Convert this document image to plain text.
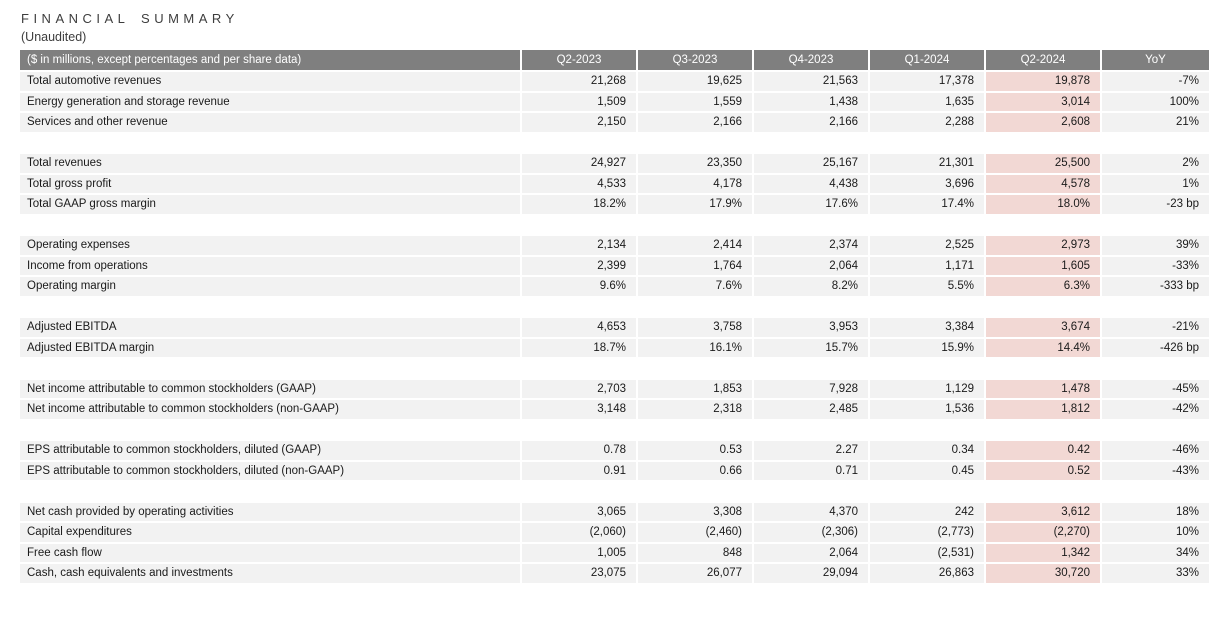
FINANCIAL SUMMARY
(Unaudited)
($ in millions, except percentages and per share data)	Q2-2023	Q3-2023	Q4-2023	Q1-2024	Q2-2024	YoY
Total automotive revenues	21,268	19,625	21,563	17,378	19,878	-7%
Energy generation and storage revenue	1,509	1,559	1,438	1,635	3,014	100%
Services and other revenue	2,150	2,166	2,166	2,288	2,608	21%
Total revenues	24,927	23,350	25,167	21,301	25,500	2%
Total gross profit	4,533	4,178	4,438	3,696	4,578	1%
Total GAAP gross margin	18.2%	17.9%	17.6%	17.4%	18.0%	-23 bp
Operating expenses	2,134	2,414	2,374	2,525	2,973	39%
Income from operations	2,399	1,764	2,064	1,171	1,605	-33%
Operating margin	9.6%	7.6%	8.2%	5.5%	6.3%	-333 bp
Adjusted EBITDA	4,653	3,758	3,953	3,384	3,674	-21%
Adjusted EBITDA margin	18.7%	16.1%	15.7%	15.9%	14.4%	-426 bp
Net income attributable to common stockholders (GAAP)	2,703	1,853	7,928	1,129	1,478	-45%
Net income attributable to common stockholders (non-GAAP)	3,148	2,318	2,485	1,536	1,812	-42%
EPS attributable to common stockholders, diluted (GAAP)	0.78	0.53	2.27	0.34	0.42	-46%
EPS attributable to common stockholders, diluted (non-GAAP)	0.91	0.66	0.71	0.45	0.52	-43%
Net cash provided by operating activities	3,065	3,308	4,370	242	3,612	18%
Capital expenditures	(2,060)	(2,460)	(2,306)	(2,773)	(2,270)	10%
Free cash flow	1,005	848	2,064	(2,531)	1,342	34%
Cash, cash equivalents and investments	23,075	26,077	29,094	26,863	30,720	33%
